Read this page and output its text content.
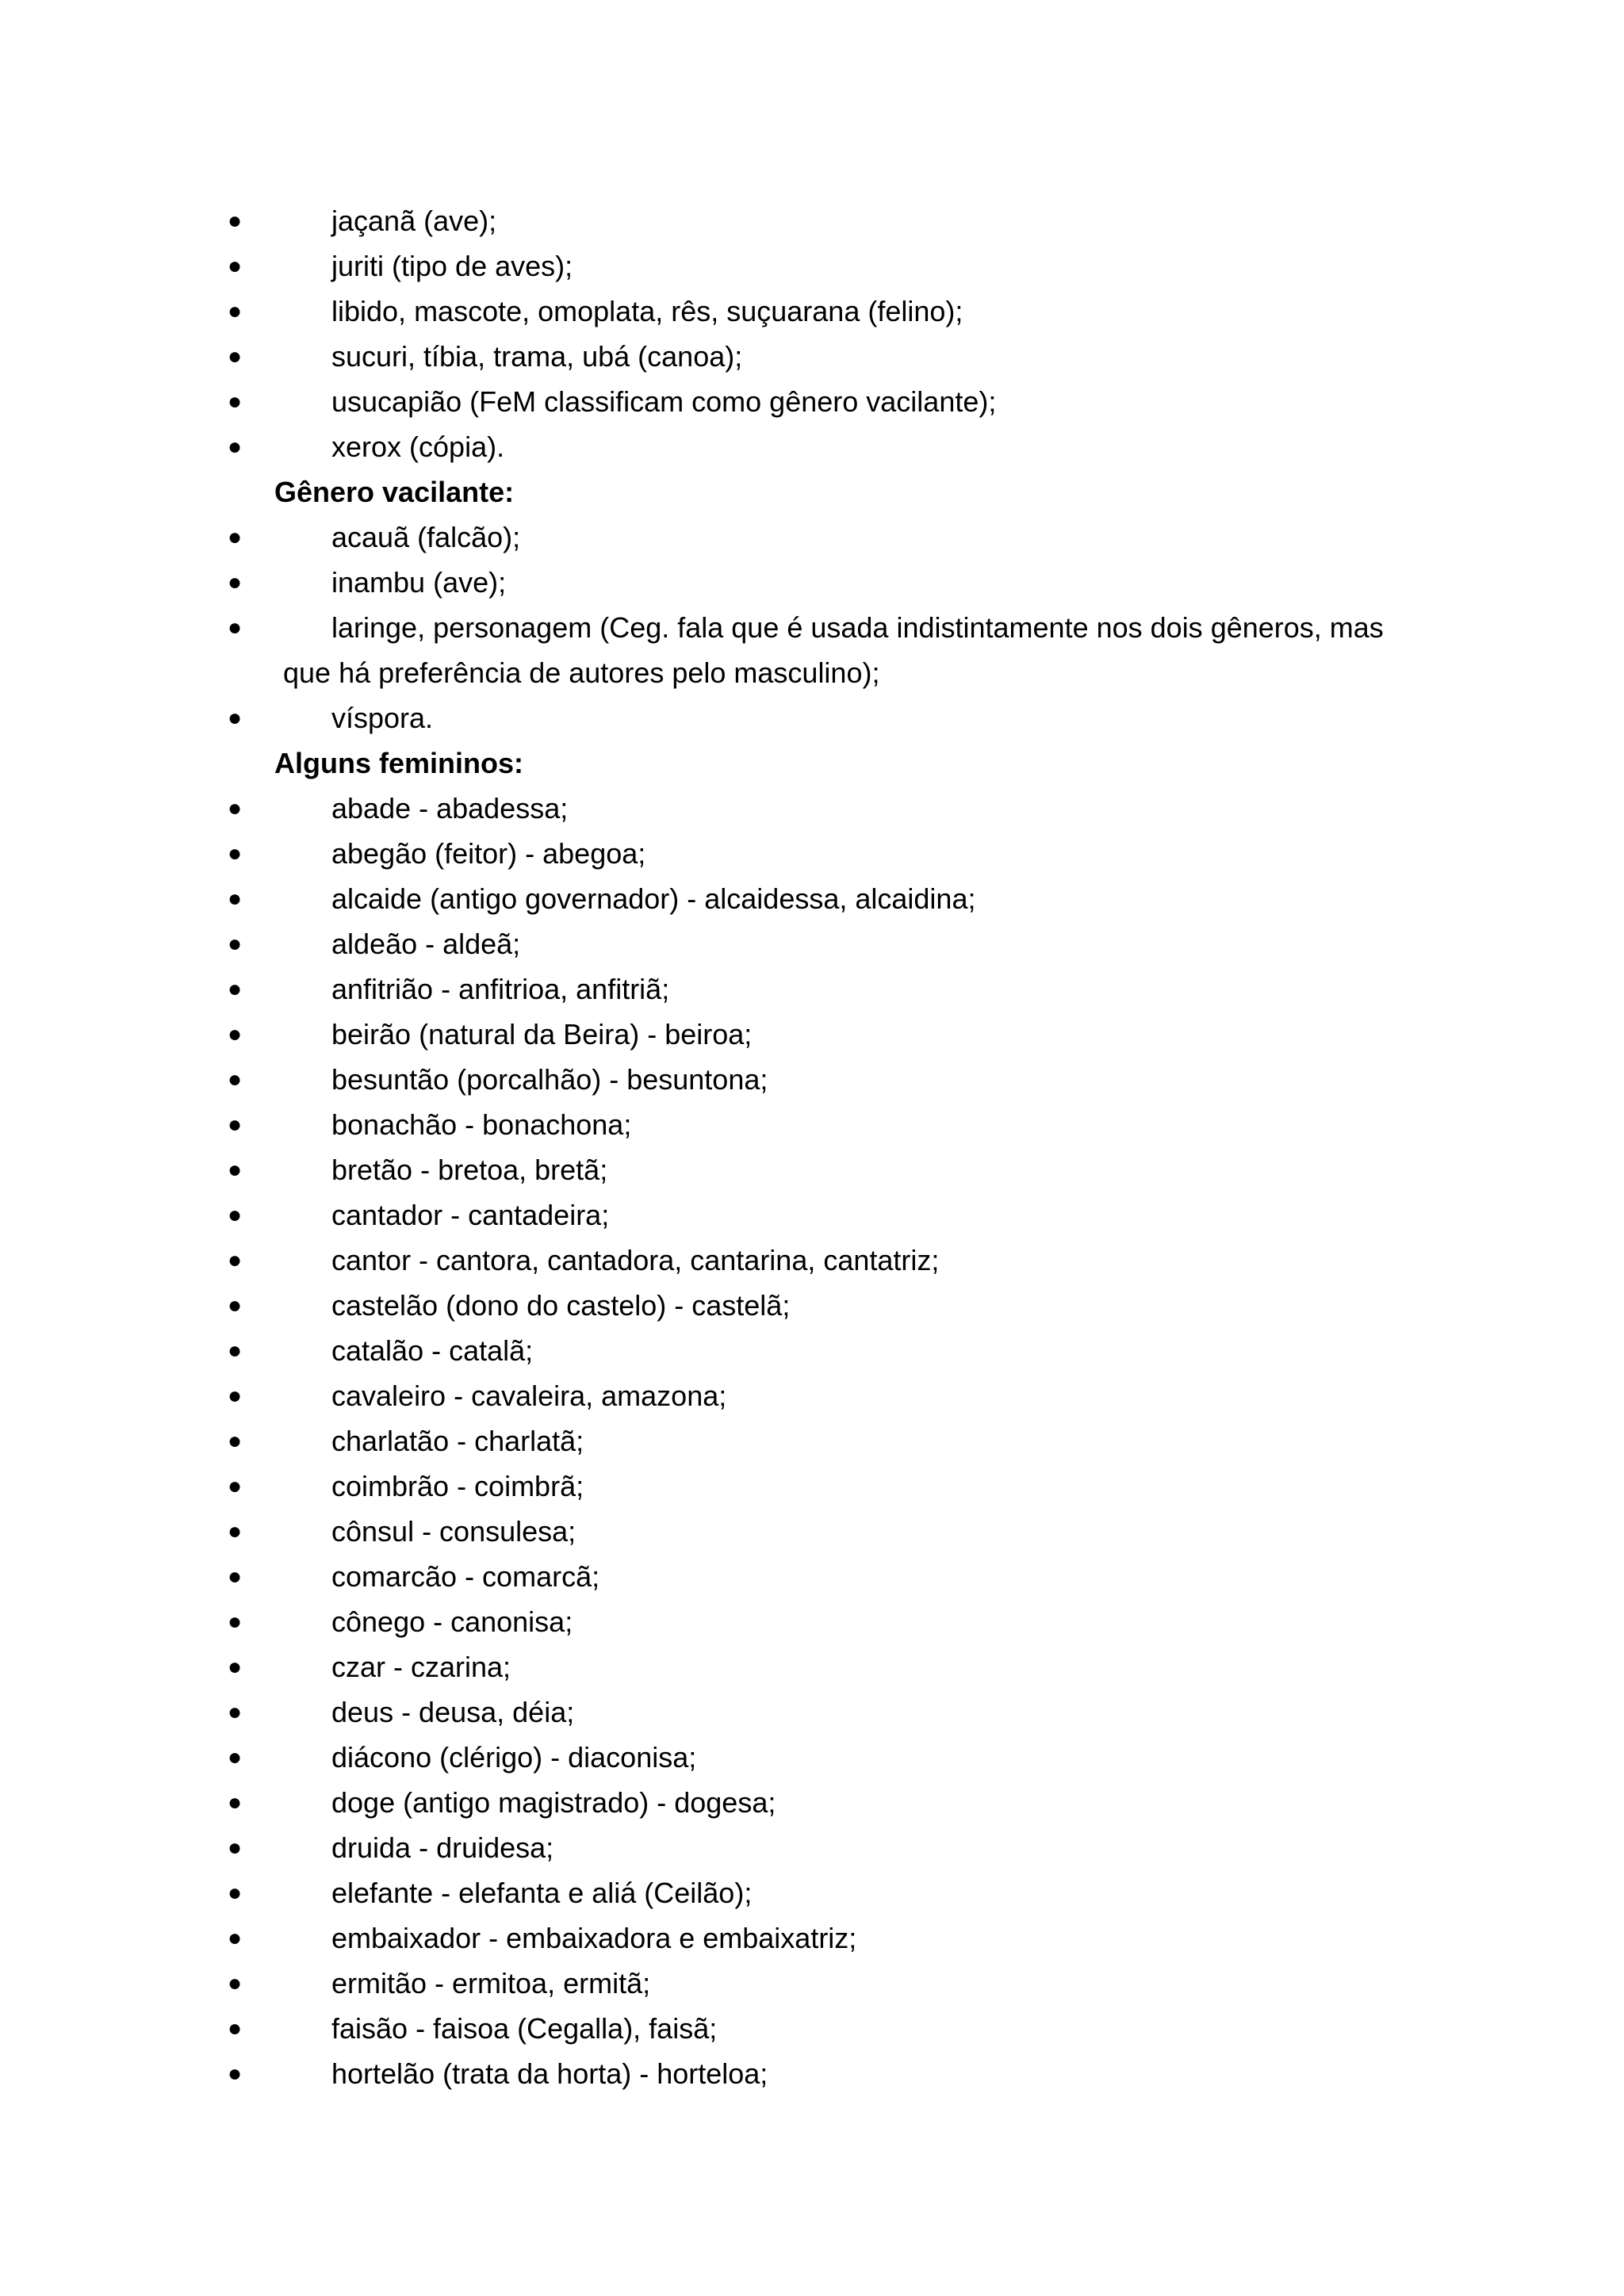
●	jaçanã (ave);
●	juriti (tipo de aves);
●	libido, mascote, omoplata, rês, suçuarana (felino);
●	sucuri, tíbia, trama, ubá (canoa);
●	usucapião (FeM classificam como gênero vacilante);
●	xerox (cópia).
Gênero vacilante:
●	acauã (falcão);
●	inambu (ave);
●	laringe, personagem (Ceg. fala que é usada indistintamente nos dois gêneros, mas
que há preferência de autores pelo masculino);
●	víspora.
Alguns femininos:
●	abade - abadessa;
●	abegão (feitor) - abegoa;
●	alcaide (antigo governador) - alcaidessa, alcaidina;
●	aldeão - aldeã;
●	anfitrião - anfitrioa, anfitriã;
●	beirão (natural da Beira) - beiroa;
●	besuntão (porcalhão) - besuntona;
●	bonachão - bonachona;
●	bretão - bretoa, bretã;
●	cantador - cantadeira;
●	cantor - cantora, cantadora, cantarina, cantatriz;
●	castelão (dono do castelo) - castelã;
●	catalão - catalã;
●	cavaleiro - cavaleira, amazona;
●	charlatão - charlatã;
●	coimbrão - coimbrã;
●	cônsul - consulesa;
●	comarcão - comarcã;
●	cônego - canonisa;
●	czar - czarina;
●	deus - deusa, déia;
●	diácono (clérigo) - diaconisa;
●	doge (antigo magistrado) - dogesa;
●	druida - druidesa;
●	elefante - elefanta e aliá (Ceilão);
●	embaixador - embaixadora e embaixatriz;
●	ermitão - ermitoa, ermitã;
●	faisão - faisoa (Cegalla), faisã;
●	hortelão (trata da horta) - horteloa;
